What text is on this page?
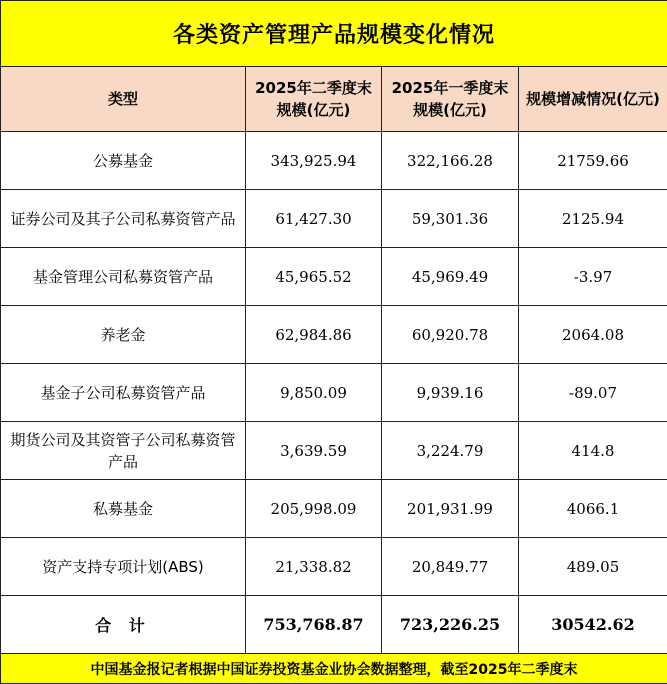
各类资产管理产品规模变化情况			
类型	2025年二季度末规模(亿元)	2025年一季度末规模(亿元)	规模增减情况(亿元)
公募基金	343,925.94	322,166.28	21759.66
证券公司及其子公司私募资管产品	61,427.30	59,301.36	2125.94
基金管理公司私募资管产品	45,965.52	45,969.49	-3.97
养老金	62,984.86	60,920.78	2064.08
基金子公司私募资管产品	9,850.09	9,939.16	-89.07
期货公司及其资管子公司私募资管产品	3,639.59	3,224.79	414.8
私募基金	205,998.09	201,931.99	4066.1
资产支持专项计划(ABS)	21,338.82	20,849.77	489.05
合 计	753,768.87	723,226.25	30542.62
中国基金报记者根据中国证券投资基金业协会数据整理，截至2025年二季度末			
